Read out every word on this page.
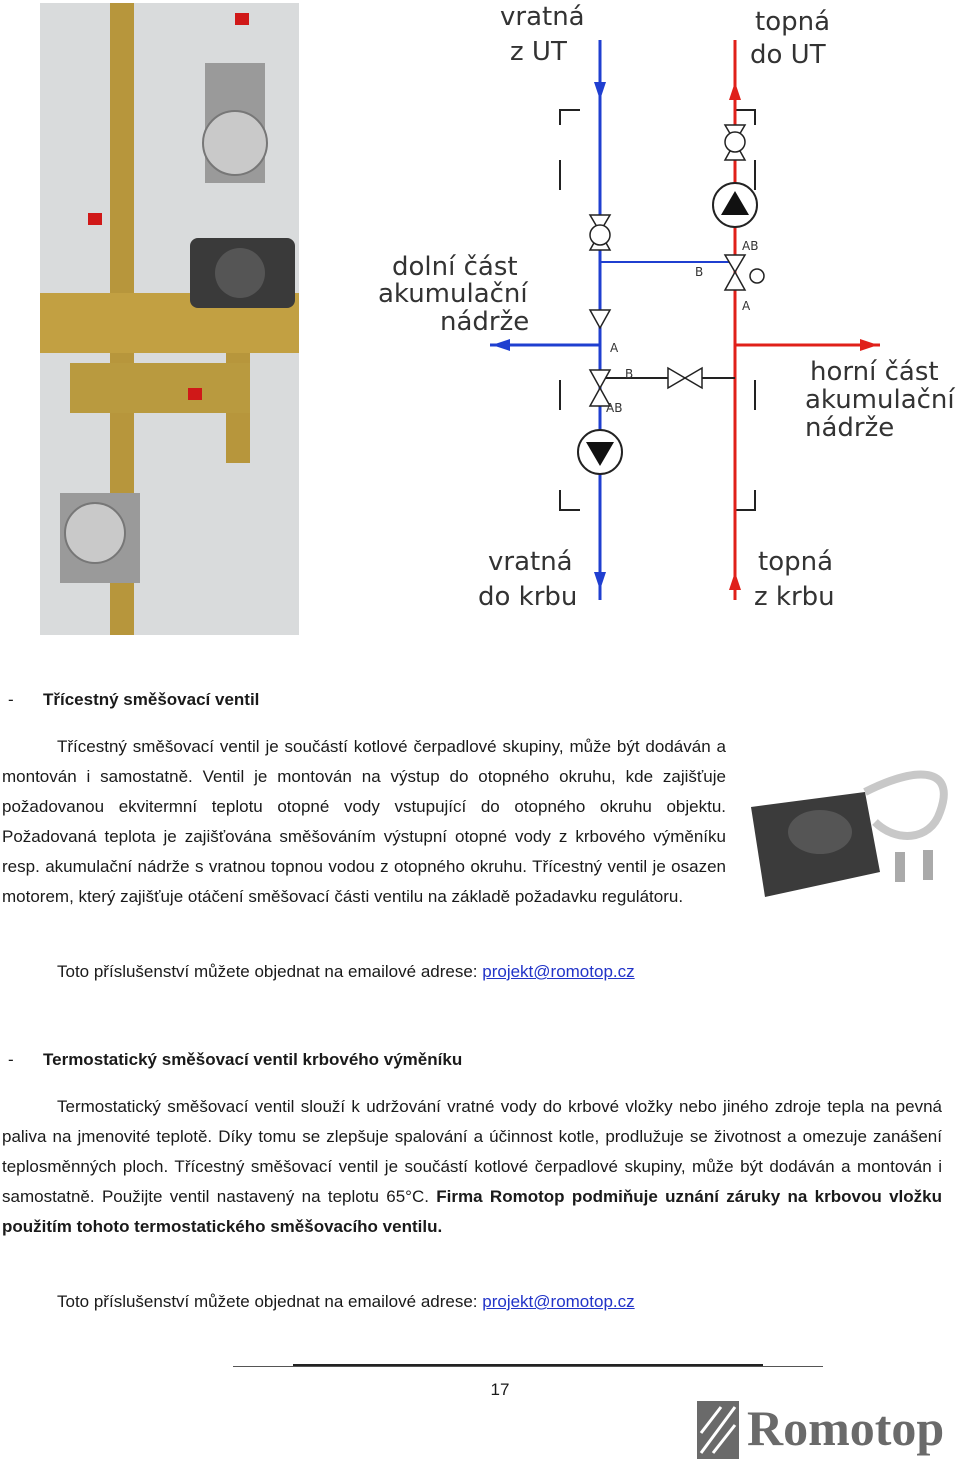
A
B
AB
A
B
AB
vratná
z UT
topná
do UT
dolní část
akumulační
nádrže
horní část
akumulační
nádrže
vratná
do krbu
topná
z krbu
- Třícestný směšovací ventil
Třícestný směšovací ventil je součástí kotlové čerpadlové skupiny, může být dodáván a montován i samostatně. Ventil je montován na výstup do otopného okruhu, kde zajišťuje požadovanou ekvitermní teplotu otopné vody vstupující do otopného okruhu objektu. Požadovaná teplota je zajišťována směšováním výstupní otopné vody z krbového výměníku resp. akumulační nádrže s vratnou topnou vodou z otopného okruhu. Třícestný ventil je osazen motorem, který zajišťuje otáčení směšovací části ventilu na základě požadavku regulátoru.
Toto příslušenství můžete objednat na emailové adrese: projekt@romotop.cz
- Termostatický směšovací ventil krbového výměníku
Termostatický směšovací ventil slouží k udržování vratné vody do krbové vložky nebo jiného zdroje tepla na pevná paliva na jmenovité teplotě. Díky tomu se zlepšuje spalování a účinnost kotle, prodlužuje se životnost a omezuje zanášení teplosměnných ploch. Třícestný směšovací ventil je součástí kotlové čerpadlové skupiny, může být dodáván a montován i samostatně. Použijte ventil nastavený na teplotu 65°C. Firma Romotop podmiňuje uznání záruky na krbovou vložku použitím tohoto termostatického směšovacího ventilu.
Toto příslušenství můžete objednat na emailové adrese: projekt@romotop.cz
17
Romotop
